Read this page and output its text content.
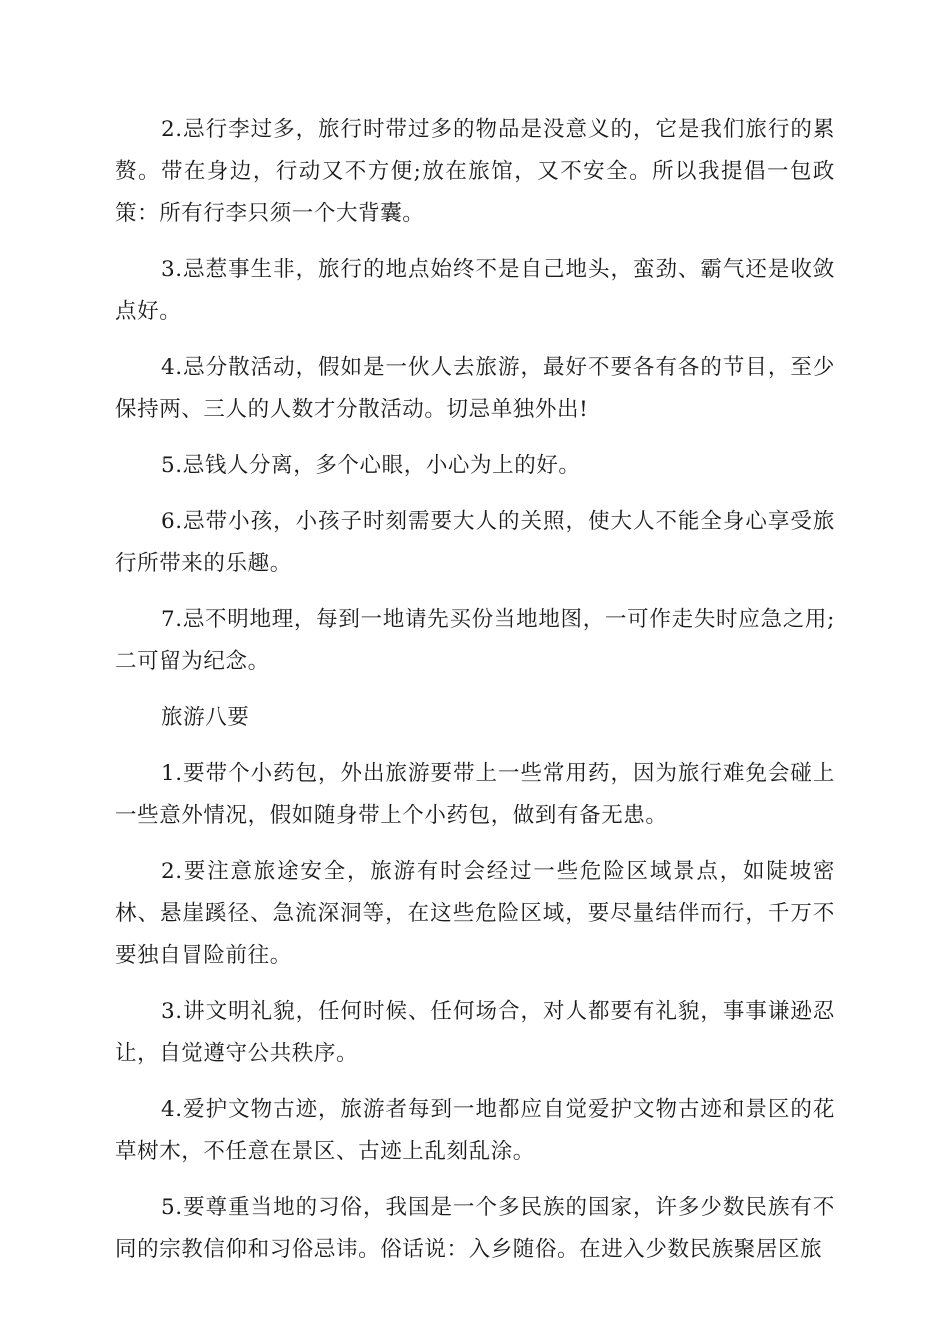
2.忌行李过多，旅行时带过多的物品是没意义的，它是我们旅行的累赘。带在身边，行动又不方便;放在旅馆，又不安全。所以我提倡一包政策：所有行李只须一个大背囊。

3.忌惹事生非，旅行的地点始终不是自己地头，蛮劲、霸气还是收敛点好。

4.忌分散活动，假如是一伙人去旅游，最好不要各有各的节目，至少保持两、三人的人数才分散活动。切忌单独外出!

5.忌钱人分离，多个心眼，小心为上的好。

6.忌带小孩，小孩子时刻需要大人的关照，使大人不能全身心享受旅行所带来的乐趣。

7.忌不明地理，每到一地请先买份当地地图，一可作走失时应急之用;二可留为纪念。

旅游八要

1.要带个小药包，外出旅游要带上一些常用药，因为旅行难免会碰上一些意外情况，假如随身带上个小药包，做到有备无患。

2.要注意旅途安全，旅游有时会经过一些危险区域景点，如陡坡密林、悬崖蹊径、急流深洞等，在这些危险区域，要尽量结伴而行，千万不要独自冒险前往。

3.讲文明礼貌，任何时候、任何场合，对人都要有礼貌，事事谦逊忍让，自觉遵守公共秩序。

4.爱护文物古迹，旅游者每到一地都应自觉爱护文物古迹和景区的花草树木，不任意在景区、古迹上乱刻乱涂。

5.要尊重当地的习俗，我国是一个多民族的国家，许多少数民族有不同的宗教信仰和习俗忌讳。俗话说：入乡随俗。在进入少数民族聚居区旅
